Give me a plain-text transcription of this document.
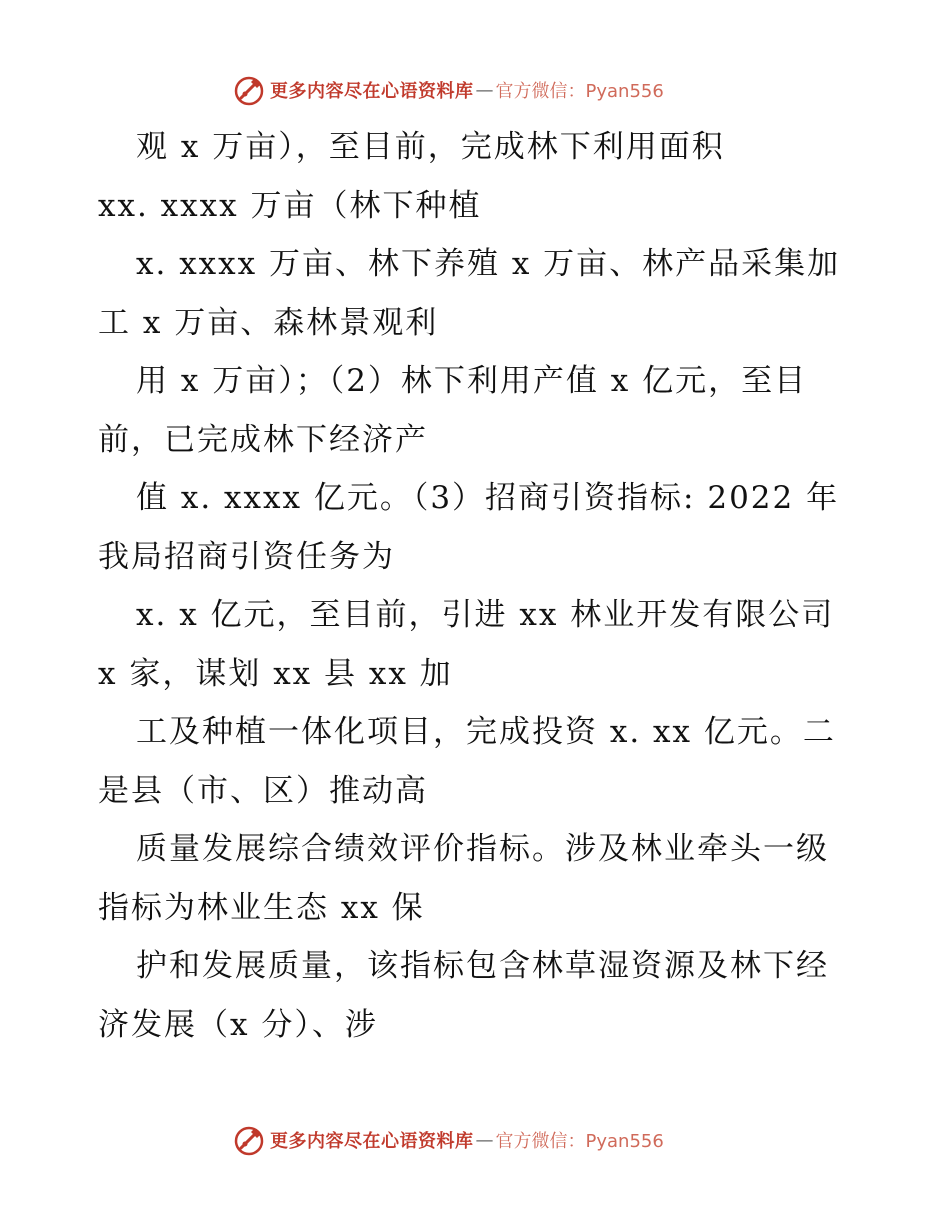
更多内容尽在心语资料库 — 官方微信：Pyan556
观 x 万亩），至目前，完成林下利用面积
xx. xxxx 万亩（林下种植
x. xxxx 万亩、林下养殖 x 万亩、林产品采集加
工 x 万亩、森林景观利
用 x 万亩）；（2）林下利用产值 x 亿元，至目
前，已完成林下经济产
值 x. xxxx 亿元。（3）招商引资指标: 2022 年
我局招商引资任务为
x. x 亿元，至目前，引进 xx 林业开发有限公司
x 家，谋划 xx 县 xx 加
工及种植一体化项目，完成投资 x. xx 亿元。二
是县（市、区）推动高
质量发展综合绩效评价指标。涉及林业牵头一级
指标为林业生态 xx 保
护和发展质量，该指标包含林草湿资源及林下经
济发展（x 分）、涉
更多内容尽在心语资料库 — 官方微信：Pyan556
